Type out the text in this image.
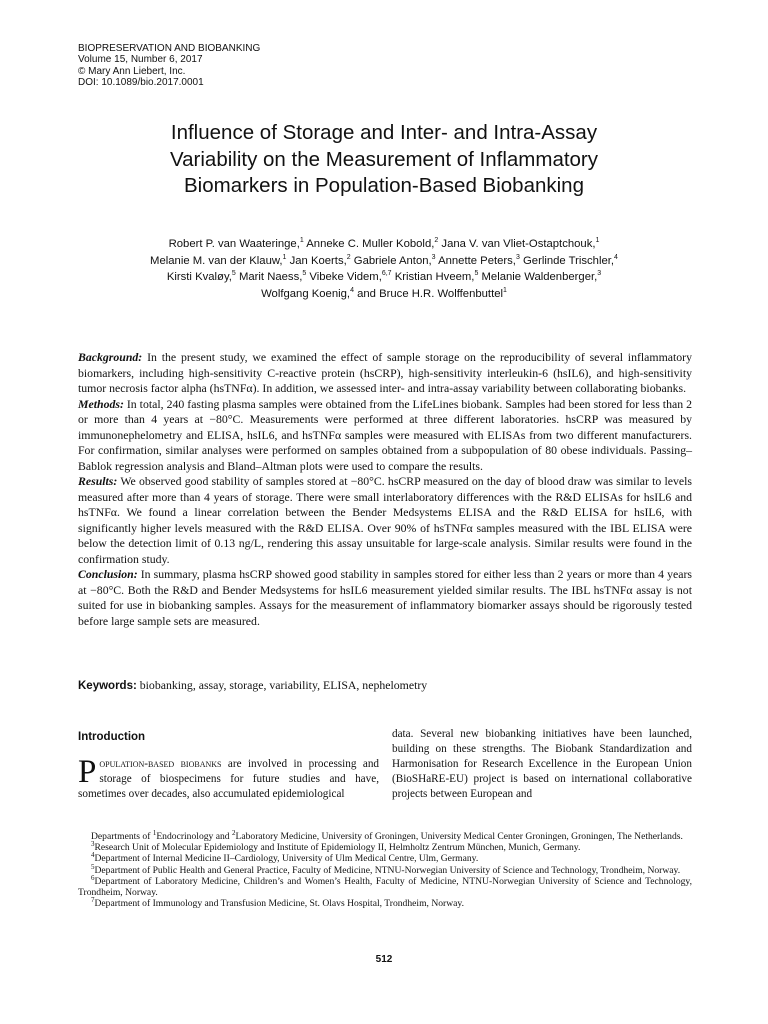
BIOPRESERVATION AND BIOBANKING
Volume 15, Number 6, 2017
© Mary Ann Liebert, Inc.
DOI: 10.1089/bio.2017.0001
Influence of Storage and Inter- and Intra-Assay
Variability on the Measurement of Inflammatory
Biomarkers in Population-Based Biobanking
Robert P. van Waateringe,$^1$ Anneke C. Muller Kobold,$^2$ Jana V. van Vliet-Ostaptchouk,$^1$
Melanie M. van der Klauw,$^1$ Jan Koerts,$^2$ Gabriele Anton,$^3$ Annette Peters,$^3$ Gerlinde Trischler,$^4$
Kirsti Kvaløy,$^5$ Marit Naess,$^5$ Vibeke Videm,$^{6,7}$ Kristian Hveem,$^5$ Melanie Waldenberger,$^3$
Wolfgang Koenig,$^4$ and Bruce H.R. Wolffenbuttel$^1$

Background: In the present study, we examined the effect of sample storage on the reproducibility of several inflammatory biomarkers, including high-sensitivity C-reactive protein (hsCRP), high-sensitivity interleukin-6 (hsIL6), and high-sensitivity tumor necrosis factor alpha (hsTNFα). In addition, we assessed inter- and intra-assay variability between collaborating biobanks.

Methods: In total, 240 fasting plasma samples were obtained from the LifeLines biobank. Samples had been stored for less than 2 or more than 4 years at −80°C. Measurements were performed at three different laboratories. hsCRP was measured by immunonephelometry and ELISA, hsIL6, and hsTNFα samples were measured with ELISAs from two different manufacturers. For confirmation, similar analyses were performed on samples obtained from a subpopulation of 80 obese individuals. Passing–Bablok regression analysis and Bland–Altman plots were used to compare the results.

Results: We observed good stability of samples stored at −80°C. hsCRP measured on the day of blood draw was similar to levels measured after more than 4 years of storage. There were small interlaboratory differences with the R&D ELISAs for hsIL6 and hsTNFα. We found a linear correlation between the Bender Medsystems ELISA and the R&D ELISA for hsIL6, with significantly higher levels measured with the R&D ELISA. Over 90% of hsTNFα samples measured with the IBL ELISA were below the detection limit of 0.13 ng/L, rendering this assay unsuitable for large-scale analysis. Similar results were found in the confirmation study.

Conclusion: In summary, plasma hsCRP showed good stability in samples stored for either less than 2 years or more than 4 years at −80°C. Both the R&D and Bender Medsystems for hsIL6 measurement yielded similar results. The IBL hsTNFα assay is not suited for use in biobanking samples. Assays for the measurement of inflammatory biomarker assays should be rigorously tested before large sample sets are measured.

Keywords: biobanking, assay, storage, variability, ELISA, nephelometry
Introduction
Population-based biobanks are involved in processing and storage of biospecimens for future studies and have, sometimes over decades, also accumulated epidemiological
data. Several new biobanking initiatives have been launched, building on these strengths. The Biobank Standardization and Harmonisation for Research Excellence in the European Union (BioSHaRE-EU) project is based on international collaborative projects between European and

Departments of $^1$Endocrinology and $^2$Laboratory Medicine, University of Groningen, University Medical Center Groningen, Groningen, The Netherlands.

$^3$Research Unit of Molecular Epidemiology and Institute of Epidemiology II, Helmholtz Zentrum München, Munich, Germany.

$^4$Department of Internal Medicine II–Cardiology, University of Ulm Medical Centre, Ulm, Germany.

$^5$Department of Public Health and General Practice, Faculty of Medicine, NTNU-Norwegian University of Science and Technology, Trondheim, Norway.

$^6$Department of Laboratory Medicine, Children’s and Women’s Health, Faculty of Medicine, NTNU-Norwegian University of Science and Technology, Trondheim, Norway.

$^7$Department of Immunology and Transfusion Medicine, St. Olavs Hospital, Trondheim, Norway.

512
